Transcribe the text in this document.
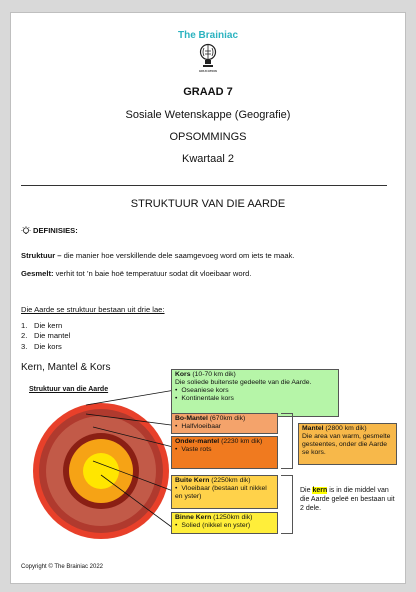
The Brainiac
EDUCATION
GRAAD 7
Sosiale Wetenskappe (Geografie)
OPSOMMINGS
Kwartaal 2
STRUKTUUR VAN DIE AARDE
DEFINISIES:
Struktuur – die manier hoe verskillende dele saamgevoeg word om iets te maak.
Gesmelt: verhit tot ’n baie hoë temperatuur sodat dit vloeibaar word.
Die Aarde se struktuur bestaan uit drie lae:
1. Die kern
2. Die mantel
3. Die kors
Kern, Mantel & Kors
Struktuur van die Aarde
Kors (10-70 km dik)
Die soliede buitenste gedeelte van die Aarde.
• Oseaniese kors
• Kontinentale kors
Bo-Mantel (670km dik)
• Halfvloeibaar
Onder-mantel (2230 km dik)
• Vaste rots
Mantel (2800 km dik)
Die area van warm, gesmelte gesteentes, onder die Aarde se kors.
Buite Kern (2250km dik)
• Vloeibaar (bestaan uit nikkel en yster)
Binne Kern (1250km dik)
• Solied (nikkel en yster)
Die kern is in die middel van die Aarde geleë en bestaan uit 2 dele.
Copyright © The Brainiac 2022
